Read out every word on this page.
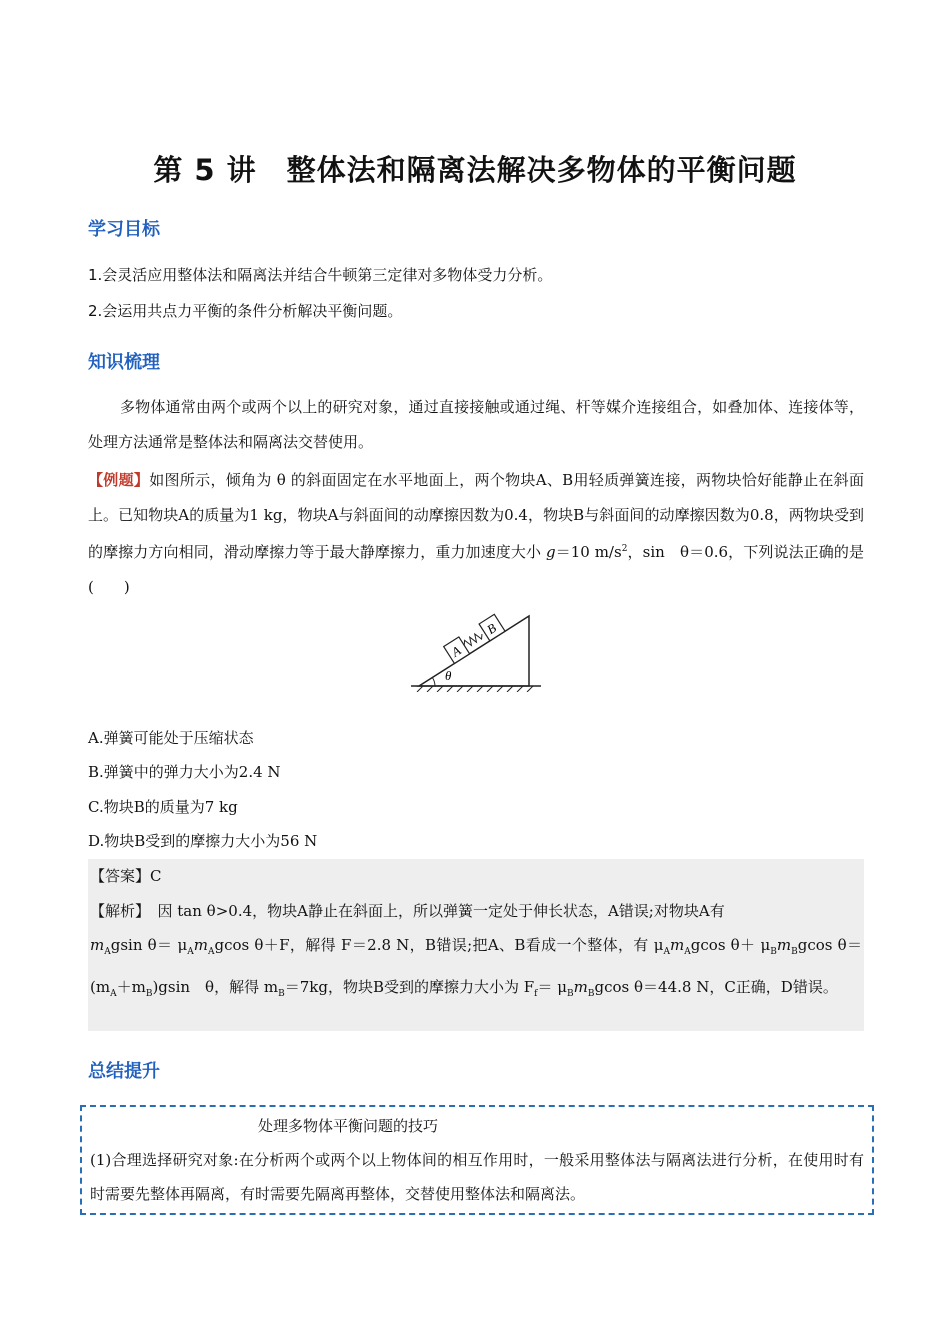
第 5 讲　整体法和隔离法解决多物体的平衡问题
学习目标
1.会灵活应用整体法和隔离法并结合牛顿第三定律对多物体受力分析。
2.会运用共点力平衡的条件分析解决平衡问题。
知识梳理
多物体通常由两个或两个以上的研究对象，通过直接接触或通过绳、杆等媒介连接组合，如叠加体、连接体等，处理方法通常是整体法和隔离法交替使用。
【例题】如图所示，倾角为 θ 的斜面固定在水平地面上，两个物块A、B用轻质弹簧连接，两物块恰好能静止在斜面上。已知物块A的质量为1 kg，物块A与斜面间的动摩擦因数为0.4，物块B与斜面间的动摩擦因数为0.8，两物块受到的摩擦力方向相同，滑动摩擦力等于最大静摩擦力，重力加速度大小 g＝10 $m/s^2$，sin　θ＝0.6，下列说法正确的是(　　)
A
B
θ
A.弹簧可能处于压缩状态
B.弹簧中的弹力大小为2.4 N
C.物块B的质量为7 kg
D.物块B受到的摩擦力大小为56 N
【答案】C
【解析】　因 tan θ>0.4，物块A静止在斜面上，所以弹簧一定处于伸长状态，A错误;对物块A有
$m_Agsin$ $\theta= \mu_Am_Agcos$ θ＋F，解得 F＝2.8 N，B错误;把A、B看成一个整体，有 $\mu_Am_Agcos$ $\theta+ \mu_Bm_Bgcos$ $\theta=(m_A+m_B)gsin$　θ，解得 $m_B=7kg$，物块B受到的摩擦力大小为 $F_f= \mu_Bm_Bgcos$ θ＝44.8 N，C正确，D错误。
总结提升
处理多物体平衡问题的技巧
(1)合理选择研究对象:在分析两个或两个以上物体间的相互作用时，一般采用整体法与隔离法进行分析，在使用时有时需要先整体再隔离，有时需要先隔离再整体，交替使用整体法和隔离法。
